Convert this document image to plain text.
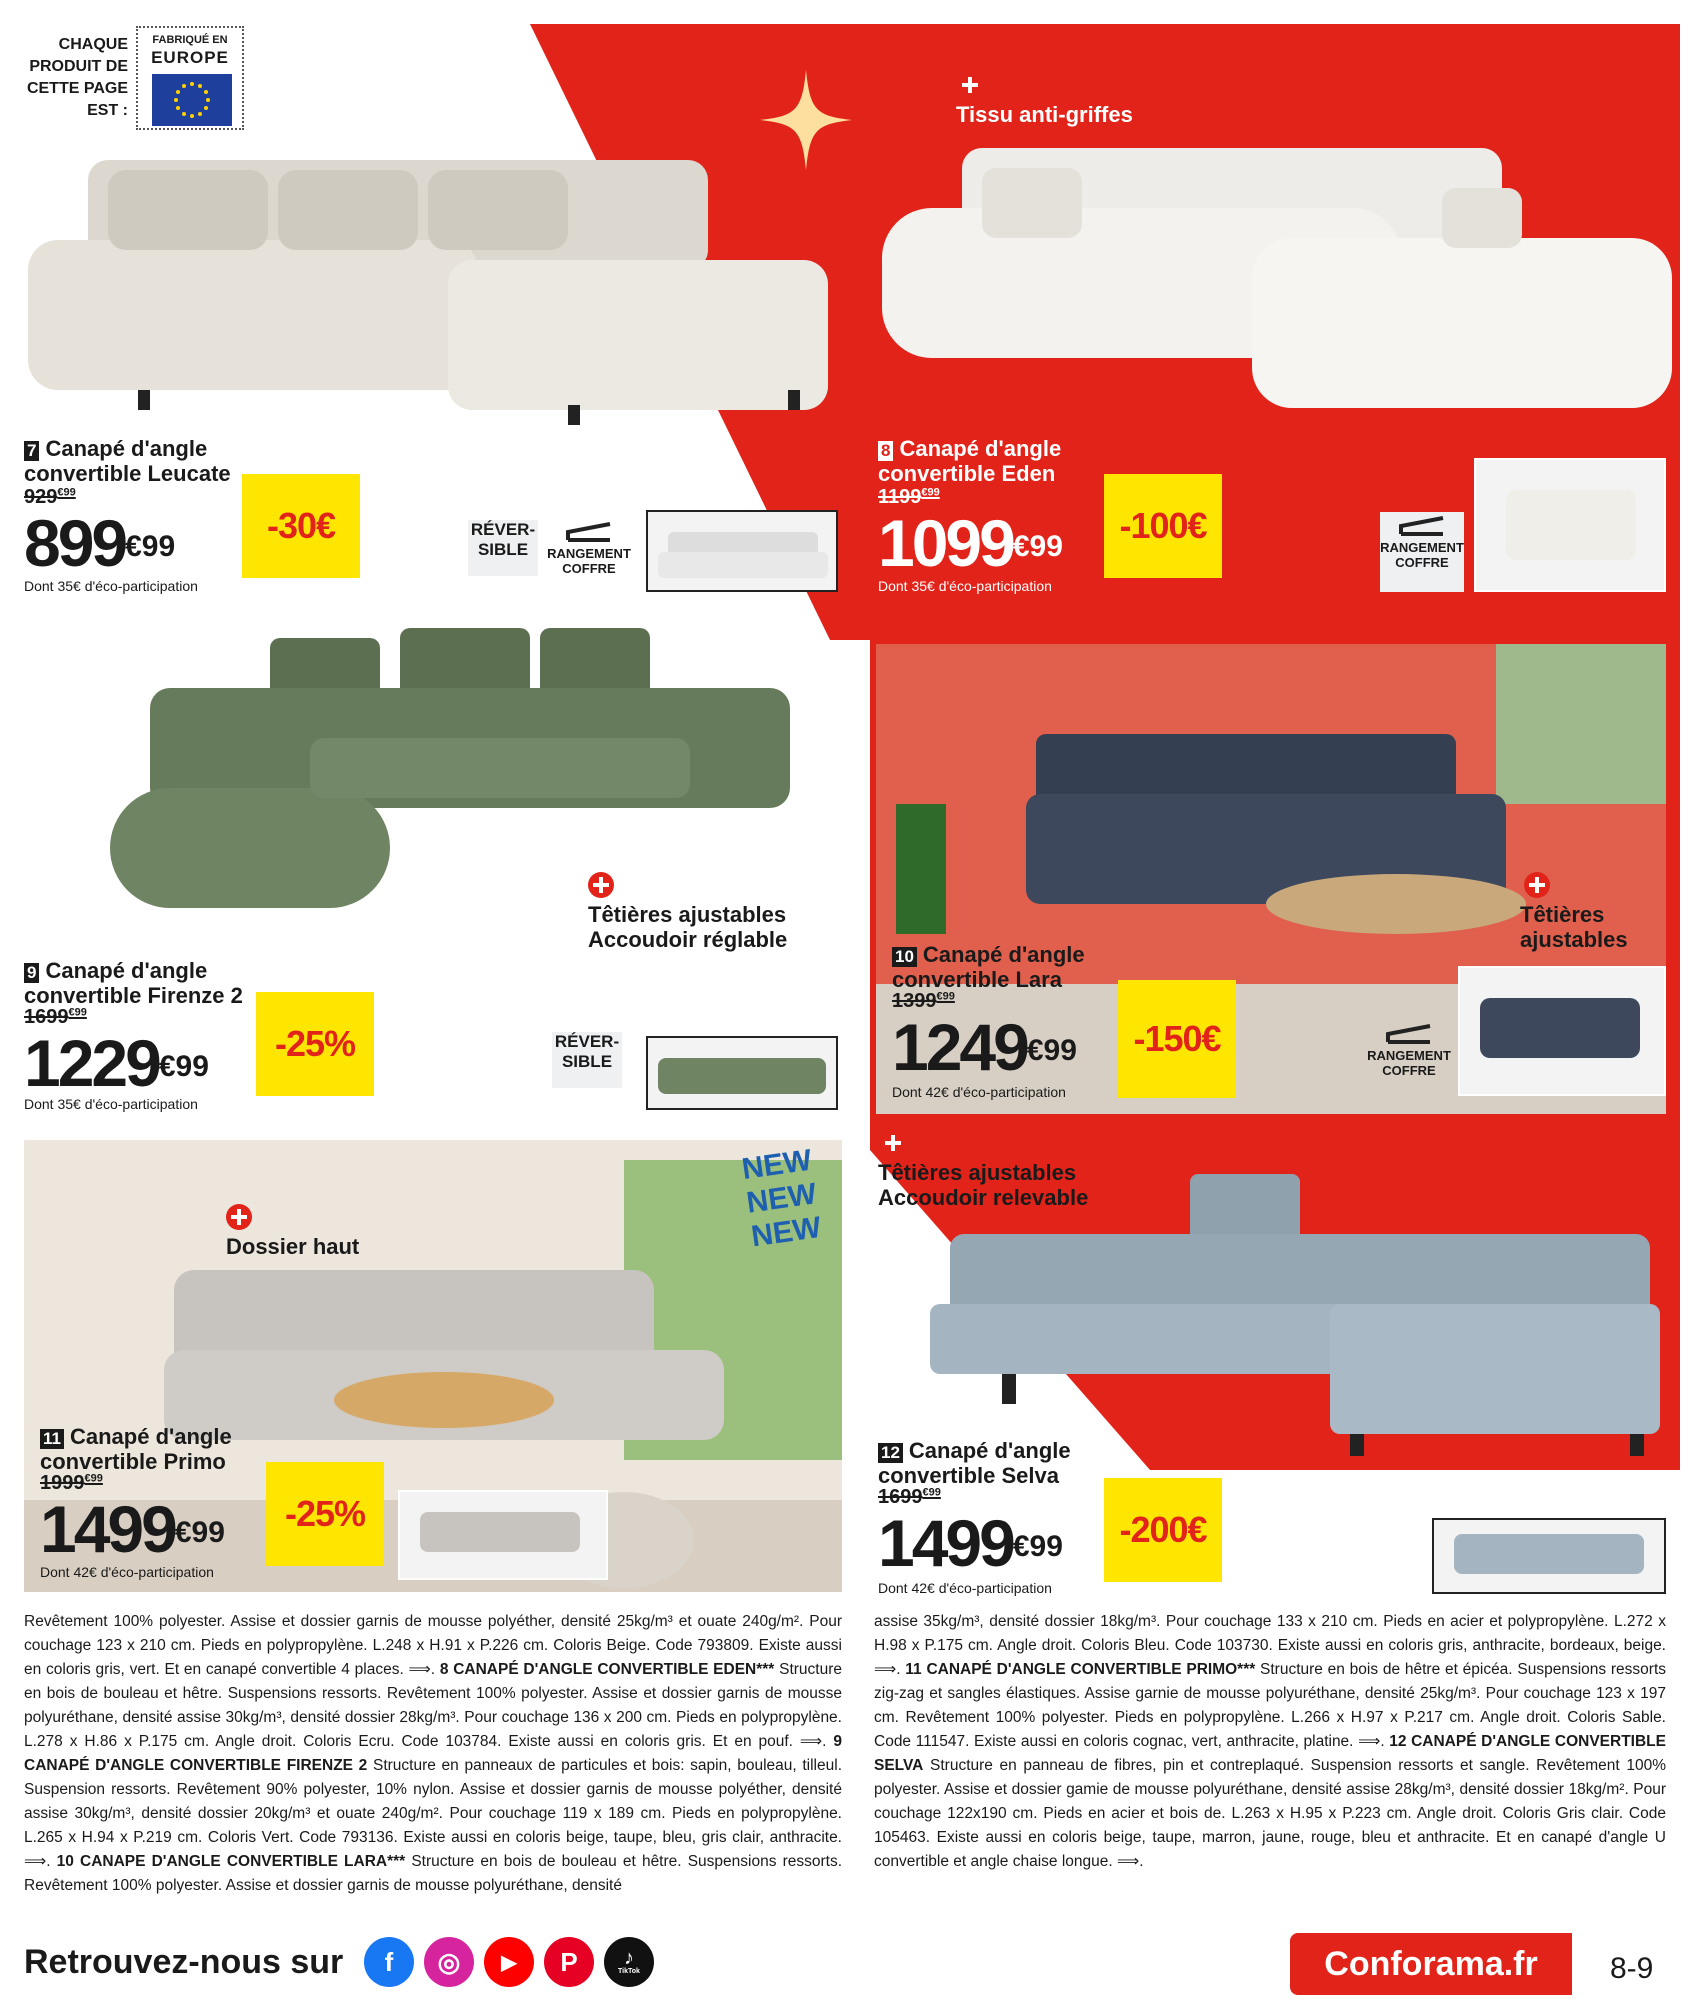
CHAQUE
PRODUIT DE
CETTE PAGE
EST :
FABRIQUÉ EN
EUROPE
7 Canapé d'angle
convertible Leucate
$929^{€99}$
$899^{€99}$
Dont 35€ d'éco-participation
-30€	RÉVER-
SIBLE	RANGEMENT
COFFRE
Tissu anti-griffes
8 Canapé d'angle
convertible Eden
$1199^{€99}$
$1099^{€99}$
Dont 35€ d'éco-participation
-100€
RANGEMENT
COFFRE
Têtières ajustables
Accoudoir réglable
9 Canapé d'angle
convertible Firenze 2
$1699^{€99}$
$1229^{€99}$
Dont 35€ d'éco-participation
-25%	RÉVER-
SIBLE
Têtières
ajustables
10 Canapé d'angle
convertible Lara
$1399^{€99}$
$1249^{€99}$
Dont 42€ d'éco-participation
-150€	RANGEMENT
COFFRE
NEW
NEW
NEW
Dossier haut
11 Canapé d'angle
convertible Primo
$1999^{€99}$
$1499^{€99}$
Dont 42€ d'éco-participation
-25%
Têtières ajustables
Accoudoir relevable
12 Canapé d'angle
convertible Selva
$1699^{€99}$
$1499^{€99}$
Dont 42€ d'éco-participation
-200€
Revêtement 100% polyester. Assise et dossier garnis de mousse polyéther, densité 25kg/m³ et ouate 240g/m². Pour couchage 123 x 210 cm. Pieds en polypropylène. L.248 x H.91 x P.226 cm. Coloris Beige. Code 793809. Existe aussi en coloris gris, vert. Et en canapé convertible 4 places. ⟹. 8 CANAPÉ D'ANGLE CONVERTIBLE EDEN*** Structure en bois de bouleau et hêtre. Suspensions ressorts. Revêtement 100% polyester. Assise et dossier garnis de mousse polyuréthane, densité assise 30kg/m³, densité dossier 28kg/m³. Pour couchage 136 x 200 cm. Pieds en polypropylène. L.278 x H.86 x P.175 cm. Angle droit. Coloris Ecru. Code 103784. Existe aussi en coloris gris. Et en pouf. ⟹. 9 CANAPÉ D'ANGLE CONVERTIBLE FIRENZE 2 Structure en panneaux de particules et bois: sapin, bouleau, tilleul. Suspension ressorts. Revêtement 90% polyester, 10% nylon. Assise et dossier garnis de mousse polyéther, densité assise 30kg/m³, densité dossier 20kg/m³ et ouate 240g/m². Pour couchage 119 x 189 cm. Pieds en polypropylène. L.265 x H.94 x P.219 cm. Coloris Vert. Code 793136. Existe aussi en coloris beige, taupe, bleu, gris clair, anthracite. ⟹. 10 CANAPE D'ANGLE CONVERTIBLE LARA*** Structure en bois de bouleau et hêtre. Suspensions ressorts. Revêtement 100% polyester. Assise et dossier garnis de mousse polyuréthane, densité
assise 35kg/m³, densité dossier 18kg/m³. Pour couchage 133 x 210 cm. Pieds en acier et polypropylène. L.272 x H.98 x P.175 cm. Angle droit. Coloris Bleu. Code 103730. Existe aussi en coloris gris, anthracite, bordeaux, beige. ⟹. 11 CANAPÉ D'ANGLE CONVERTIBLE PRIMO*** Structure en bois de hêtre et épicéa. Suspensions ressorts zig-zag et sangles élastiques. Assise garnie de mousse polyuréthane, densité 25kg/m³. Pour couchage 123 x 197 cm. Revêtement 100% polyester. Pieds en polypropylène. L.266 x H.97 x P.217 cm. Angle droit. Coloris Sable. Code 111547. Existe aussi en coloris cognac, vert, anthracite, platine. ⟹. 12 CANAPÉ D'ANGLE CONVERTIBLE SELVA Structure en panneau de fibres, pin et contreplaqué. Suspension ressorts et sangle. Revêtement 100% polyester. Assise et dossier gamie de mousse polyuréthane, densité assise 28kg/m³, densité dossier 18kg/m². Pour couchage 122x190 cm. Pieds en acier et bois de. L.263 x H.95 x P.223 cm. Angle droit. Coloris Gris clair. Code 105463. Existe aussi en coloris beige, taupe, marron, jaune, rouge, bleu et anthracite. Et en canapé d'angle U convertible et angle chaise longue. ⟹.
Retrouvez-nous sur	f	◎	▶	P	♪
TikTok	Conforama.fr	8-9
